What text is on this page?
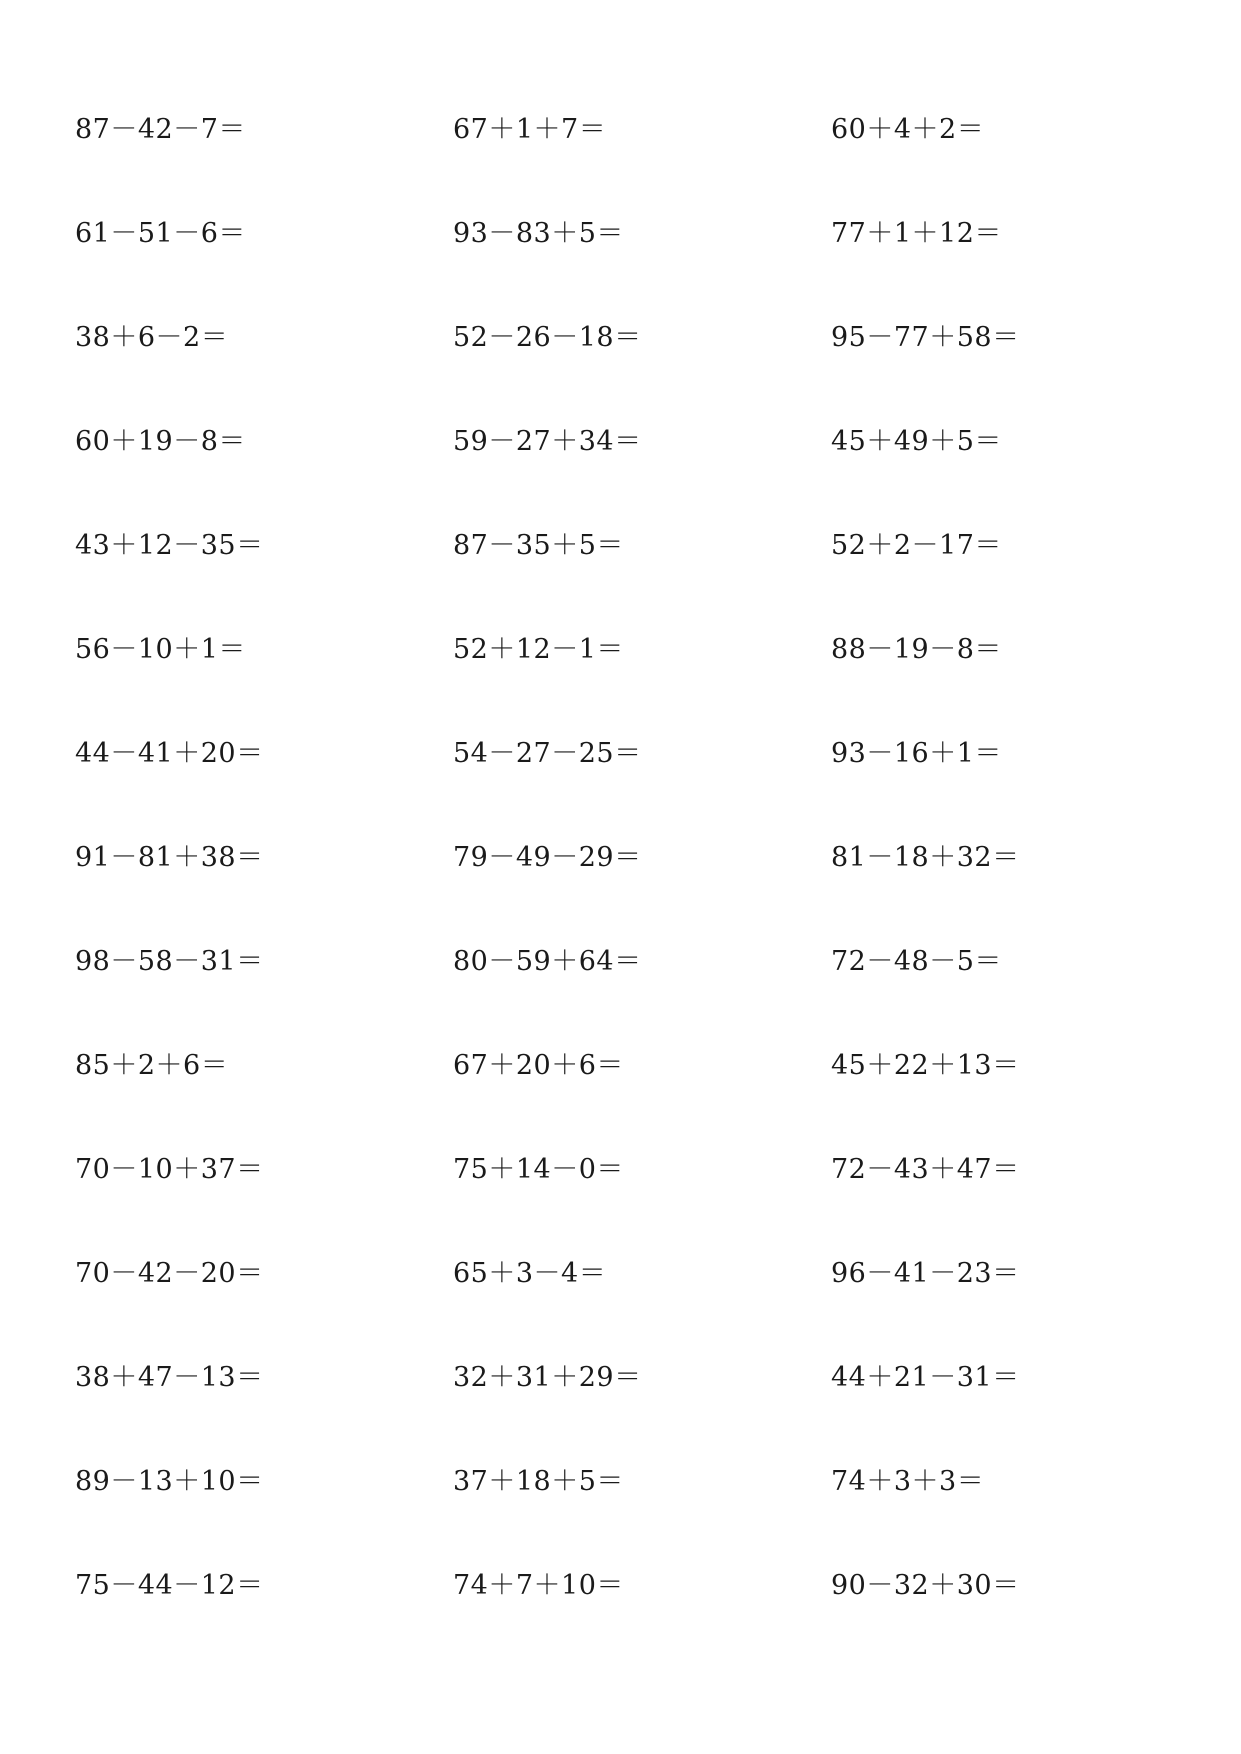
87－42－7＝	67＋1＋7＝	60＋4＋2＝
61－51－6＝	93－83＋5＝	77＋1＋12＝
38＋6－2＝	52－26－18＝	95－77＋58＝
60＋19－8＝	59－27＋34＝	45＋49＋5＝
43＋12－35＝	87－35＋5＝	52＋2－17＝
56－10＋1＝	52＋12－1＝	88－19－8＝
44－41＋20＝	54－27－25＝	93－16＋1＝
91－81＋38＝	79－49－29＝	81－18＋32＝
98－58－31＝	80－59＋64＝	72－48－5＝
85＋2＋6＝	67＋20＋6＝	45＋22＋13＝
70－10＋37＝	75＋14－0＝	72－43＋47＝
70－42－20＝	65＋3－4＝	96－41－23＝
38＋47－13＝	32＋31＋29＝	44＋21－31＝
89－13＋10＝	37＋18＋5＝	74＋3＋3＝
75－44－12＝	74＋7＋10＝	90－32＋30＝
